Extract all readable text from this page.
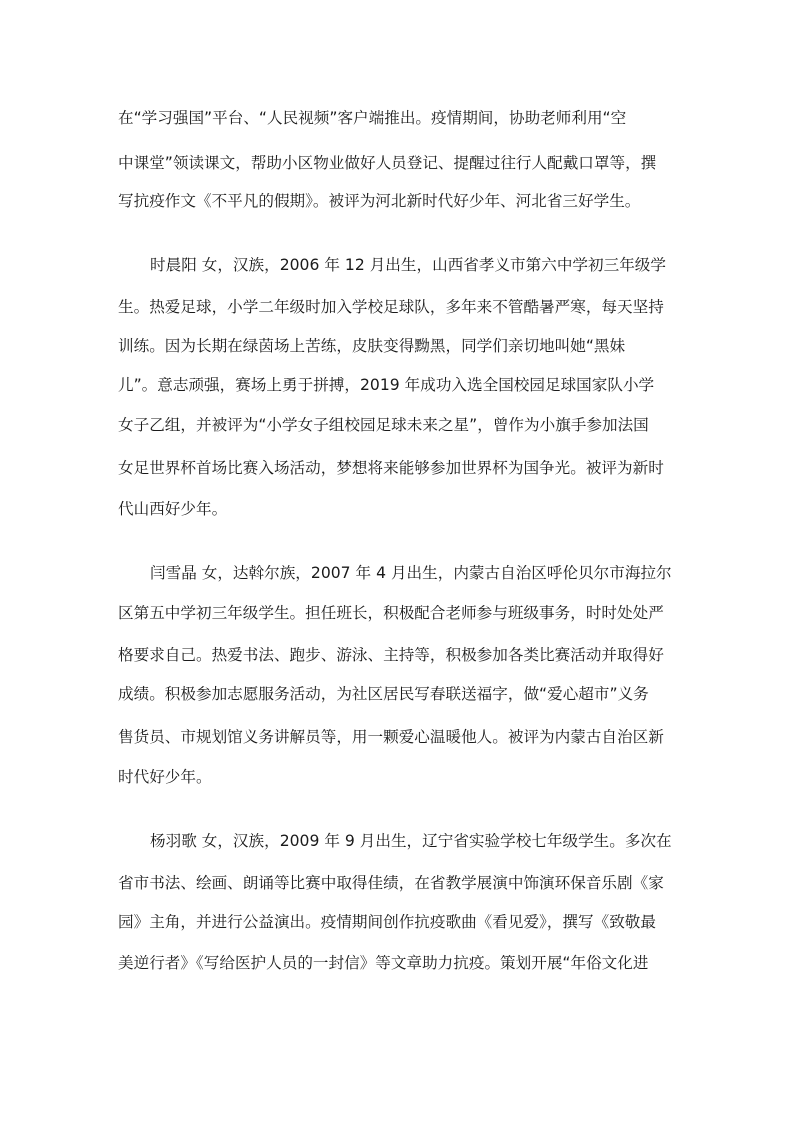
在“学习强国”平台、“人民视频”客户端推出。疫情期间，协助老师利用“空
中课堂”领读课文，帮助小区物业做好人员登记、提醒过往行人配戴口罩等，撰
写抗疫作文《不平凡的假期》。被评为河北新时代好少年、河北省三好学生。
时晨阳 女，汉族，2006 年 12 月出生，山西省孝义市第六中学初三年级学
生。热爱足球，小学二年级时加入学校足球队，多年来不管酷暑严寒，每天坚持
训练。因为长期在绿茵场上苦练，皮肤变得黝黑，同学们亲切地叫她“黑妹
儿”。意志顽强，赛场上勇于拼搏，2019 年成功入选全国校园足球国家队小学
女子乙组，并被评为“小学女子组校园足球未来之星”，曾作为小旗手参加法国
女足世界杯首场比赛入场活动，梦想将来能够参加世界杯为国争光。被评为新时
代山西好少年。
闫雪晶 女，达斡尔族，2007 年 4 月出生，内蒙古自治区呼伦贝尔市海拉尔
区第五中学初三年级学生。担任班长，积极配合老师参与班级事务，时时处处严
格要求自己。热爱书法、跑步、游泳、主持等，积极参加各类比赛活动并取得好
成绩。积极参加志愿服务活动，为社区居民写春联送福字，做“爱心超市”义务
售货员、市规划馆义务讲解员等，用一颗爱心温暖他人。被评为内蒙古自治区新
时代好少年。
杨羽歌 女，汉族，2009 年 9 月出生，辽宁省实验学校七年级学生。多次在
省市书法、绘画、朗诵等比赛中取得佳绩，在省教学展演中饰演环保音乐剧《家
园》主角，并进行公益演出。疫情期间创作抗疫歌曲《看见爱》，撰写《致敬最
美逆行者》《写给医护人员的一封信》等文章助力抗疫。策划开展“年俗文化进
